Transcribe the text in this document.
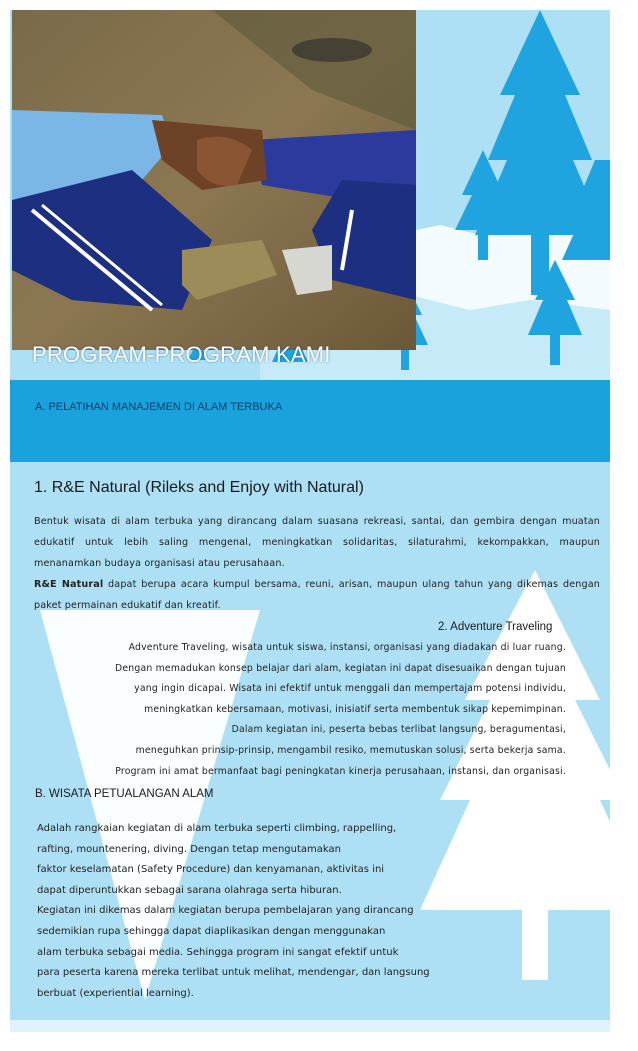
PROGRAM-PROGRAM KAMI
A. PELATIHAN MANAJEMEN DI ALAM TERBUKA
1. R&E Natural (Rileks and Enjoy with Natural)
Bentuk wisata di alam terbuka yang dirancang dalam suasana rekreasi, santai, dan gembira dengan muatan edukatif untuk lebih saling mengenal, meningkatkan solidaritas, silaturahmi, kekompakkan, maupun menanamkan budaya organisasi atau perusahaan.
R&E Natural dapat berupa acara kumpul bersama, reuni, arisan, maupun ulang tahun yang dikemas dengan paket permainan edukatif dan kreatif.
2. Adventure Traveling
Adventure Traveling, wisata untuk siswa, instansi, organisasi yang diadakan di luar ruang.
Dengan memadukan konsep belajar dari alam, kegiatan ini dapat disesuaikan dengan tujuan
yang ingin dicapai. Wisata ini efektif untuk menggali dan mempertajam potensi individu,
meningkatkan kebersamaan, motivasi, inisiatif serta membentuk sikap kepemimpinan.
Dalam kegiatan ini, peserta bebas terlibat langsung, beragumentasi,
meneguhkan prinsip-prinsip, mengambil resiko, memutuskan solusi, serta bekerja sama.
Program ini amat bermanfaat bagi peningkatan kinerja perusahaan, instansi, dan organisasi.
B. WISATA PETUALANGAN ALAM
Adalah rangkaian kegiatan di alam terbuka seperti climbing, rappelling,
rafting, mountenering, diving. Dengan tetap mengutamakan
faktor keselamatan (Safety Procedure) dan kenyamanan, aktivitas ini
dapat diperuntukkan sebagai sarana olahraga serta hiburan.
Kegiatan ini dikemas dalam kegiatan berupa pembelajaran yang dirancang
sedemikian rupa sehingga dapat diaplikasikan dengan menggunakan
alam terbuka sebagai media. Sehingga program ini sangat efektif untuk
para peserta karena mereka terlibat untuk melihat, mendengar, dan langsung
berbuat (experiential learning).
